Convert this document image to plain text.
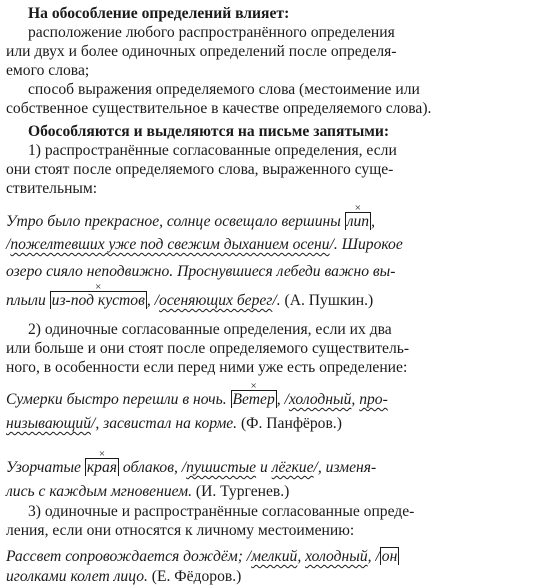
На обособление определений влияет:
расположение любого распространённого определения
или двух и более одиночных определений после определя-
емого слова;
способ выражения определяемого слова (местоимение или
собственное существительное в качестве определяемого слова).
Обособляются и выделяются на письме запятыми:
1) распространённые согласованные определения, если
они стоят после определяемого слова, выраженного суще-
ствительным:
Утро было прекрасное, солнце освещало вершины × лип ,
/пожелтевших уже под свежим дыханием осени/. Широкое
озеро сияло неподвижно. Проснувшиеся лебеди важно вы-
плыли × из-под кустов , /осеняющих берег/. (А. Пушкин.)
2) одиночные согласованные определения, если их два
или больше и они стоят после определяемого существитель-
ного, в особенности если перед ними уже есть определение:
Сумерки быстро перешли в ночь. × Ветер , /холодный, про-
низывающий/, засвистал на корме. (Ф. Панфёров.)
Узорчатые × края облаков, /пушистые и лёгкие/, изменя-
лись с каждым мгновением. (И. Тургенев.)
3) одиночные и распространённые согласованные опреде-
ления, если они относятся к личному местоимению:
Рассвет сопровождается дождём; /мелкий, холодный, / он
иголками колет лицо. (Е. Фёдоров.)
